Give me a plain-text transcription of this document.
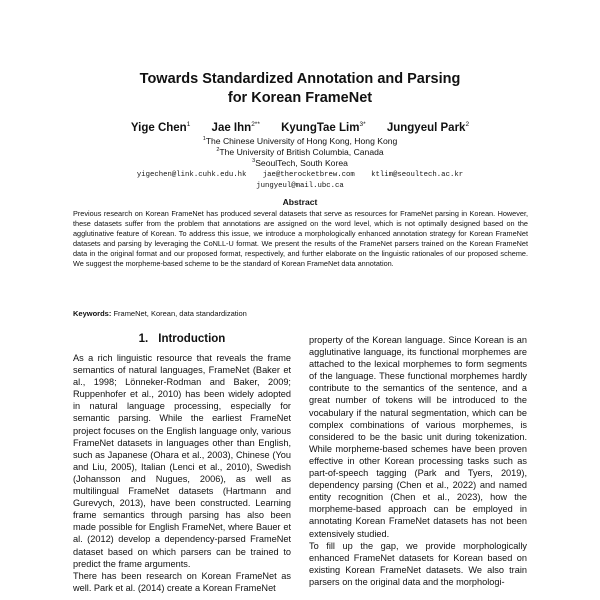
Towards Standardized Annotation and Parsing
for Korean FrameNet
Yige Chen$^1$ Jae Ihn$^{2**}$ KyungTae Lim$^{3*}$ Jungyeul Park$^2$
$^1$The Chinese University of Hong Kong, Hong Kong
$^2$The University of British Columbia, Canada
$^3$SeoulTech, South Korea
yigechen@link.cuhk.edu.hk jae@therocketbrew.com ktlim@seoultech.ac.kr
jungyeul@mail.ubc.ca
Abstract
Previous research on Korean FrameNet has produced several datasets that serve as resources for FrameNet parsing in Korean. However, these datasets suffer from the problem that annotations are assigned on the word level, which is not optimally designed based on the agglutinative feature of Korean. To address this issue, we introduce a morphologically enhanced annotation strategy for Korean FrameNet datasets and parsing by leveraging the CoNLL-U format. We present the results of the FrameNet parsers trained on the Korean FrameNet data in the original format and our proposed format, respectively, and further elaborate on the linguistic rationales of our proposed scheme. We suggest the morpheme-based scheme to be the standard of Korean FrameNet data annotation.
Keywords: FrameNet, Korean, data standardization
1. Introduction

As a rich linguistic resource that reveals the frame semantics of natural languages, FrameNet (Baker et al., 1998; Lönneker-Rodman and Baker, 2009; Ruppenhofer et al., 2010) has been widely adopted in natural language processing, especially for semantic parsing. While the earliest FrameNet project focuses on the English language only, various FrameNet datasets in languages other than English, such as Japanese (Ohara et al., 2003), Chinese (You and Liu, 2005), Italian (Lenci et al., 2010), Swedish (Johansson and Nugues, 2006), as well as multilingual FrameNet datasets (Hartmann and Gurevych, 2013), have been constructed. Learning frame semantics through parsing has also been made possible for English FrameNet, where Bauer et al. (2012) develop a dependency-parsed FrameNet dataset based on which parsers can be trained to predict the frame arguments.

There has been research on Korean FrameNet as well. Park et al. (2014) create a Korean FrameNet

property of the Korean language. Since Korean is an agglutinative language, its functional morphemes are attached to the lexical morphemes to form segments of the language. These functional morphemes hardly contribute to the semantics of the sentence, and a great number of tokens will be introduced to the vocabulary if the natural segmentation, which can be complex combinations of various morphemes, is considered to be the basic unit during tokenization. While morpheme-based schemes have been proven effective in other Korean processing tasks such as part-of-speech tagging (Park and Tyers, 2019), dependency parsing (Chen et al., 2022) and named entity recognition (Chen et al., 2023), how the morpheme-based approach can be employed in annotating Korean FrameNet datasets has not been extensively studied.

To fill up the gap, we provide morphologically enhanced FrameNet datasets for Korean based on existing Korean FrameNet datasets. We also train parsers on the original data and the morphologi-
